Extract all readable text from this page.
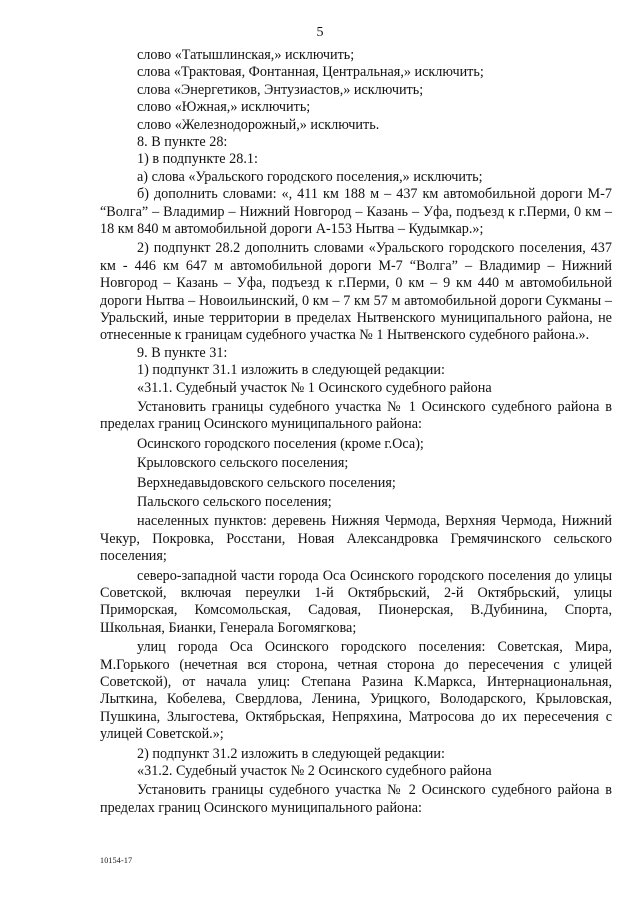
5
слово «Татышлинская,» исключить;
слова «Трактовая, Фонтанная, Центральная,» исключить;
слова «Энергетиков, Энтузиастов,» исключить;
слово «Южная,» исключить;
слово «Железнодорожный,» исключить.
8. В пункте 28:
1) в подпункте 28.1:
а) слова «Уральского городского поселения,» исключить;

б) дополнить словами: «, 411 км 188 м – 437 км автомобильной дороги М-7 “Волга” – Владимир – Нижний Новгород – Казань – Уфа, подъезд к г.Перми, 0 км – 18 км 840 м автомобильной дороги А-153 Нытва – Кудымкар.»;

2) подпункт 28.2 дополнить словами «Уральского городского поселения, 437 км - 446 км 647 м автомобильной дороги М-7 “Волга” – Владимир – Нижний Новгород – Казань – Уфа, подъезд к г.Перми, 0 км – 9 км 440 м автомобильной дороги Нытва – Новоильинский, 0 км – 7 км 57 м автомобильной дороги Сукманы – Уральский, иные территории в пределах Нытвенского муниципального района, не отнесенные к границам судебного участка № 1 Нытвенского судебного района.».

9. В пункте 31:
1) подпункт 31.1 изложить в следующей редакции:
«31.1. Судебный участок № 1 Осинского судебного района

Установить границы судебного участка № 1 Осинского судебного района в пределах границ Осинского муниципального района:

Осинского городского поселения (кроме г.Оса);
Крыловского сельского поселения;
Верхнедавыдовского сельского поселения;
Пальского сельского поселения;

населенных пунктов: деревень Нижняя Чермода, Верхняя Чермода, Нижний Чекур, Покровка, Росстани, Новая Александровка Гремячинского сельского поселения;

северо-западной части города Оса Осинского городского поселения до улицы Советской, включая переулки 1-й Октябрьский, 2-й Октябрьский, улицы Приморская, Комсомольская, Садовая, Пионерская, В.Дубинина, Спорта, Школьная, Бианки, Генерала Богомягкова;

улиц города Оса Осинского городского поселения: Советская, Мира, М.Горького (нечетная вся сторона, четная сторона до пересечения с улицей Советской), от начала улиц: Степана Разина К.Маркса, Интернациональная, Лыткина, Кобелева, Свердлова, Ленина, Урицкого, Володарского, Крыловская, Пушкина, Злыгостева, Октябрьская, Непряхина, Матросова до их пересечения с улицей Советской.»;

2) подпункт 31.2 изложить в следующей редакции:
«31.2. Судебный участок № 2 Осинского судебного района

Установить границы судебного участка № 2 Осинского судебного района в пределах границ Осинского муниципального района:

10154-17
